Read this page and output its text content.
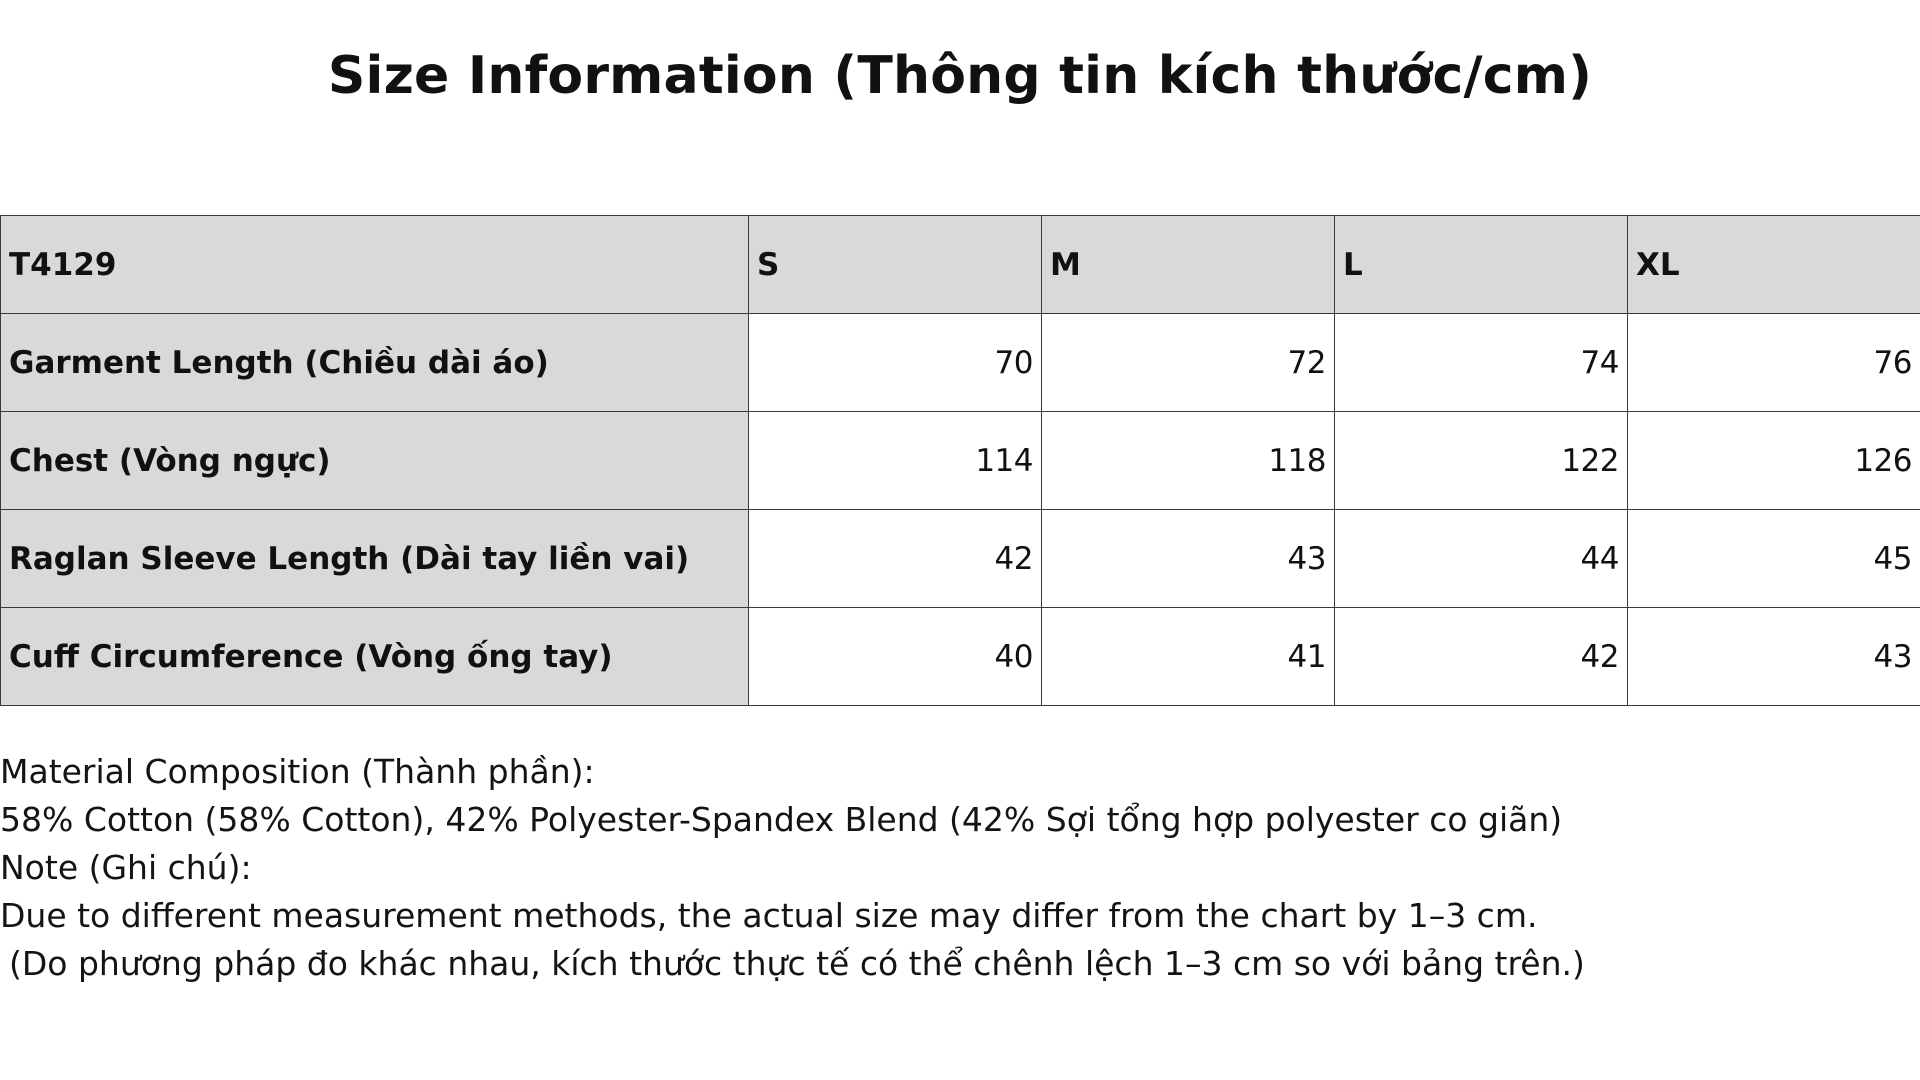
Size Information (Thông tin kích thước/cm)
T4129	S	M	L	XL
Garment Length (Chiều dài áo)	70	72	74	76
Chest (Vòng ngực)	114	118	122	126
Raglan Sleeve Length (Dài tay liền vai)	42	43	44	45
Cuff Circumference (Vòng ống tay)	40	41	42	43

Material Composition (Thành phần):

58% Cotton (58% Cotton), 42% Polyester-Spandex Blend (42% Sợi tổng hợp polyester co giãn)

Note (Ghi chú):

Due to different measurement methods, the actual size may differ from the chart by 1–3 cm.

(Do phương pháp đo khác nhau, kích thước thực tế có thể chênh lệch 1–3 cm so với bảng trên.)
